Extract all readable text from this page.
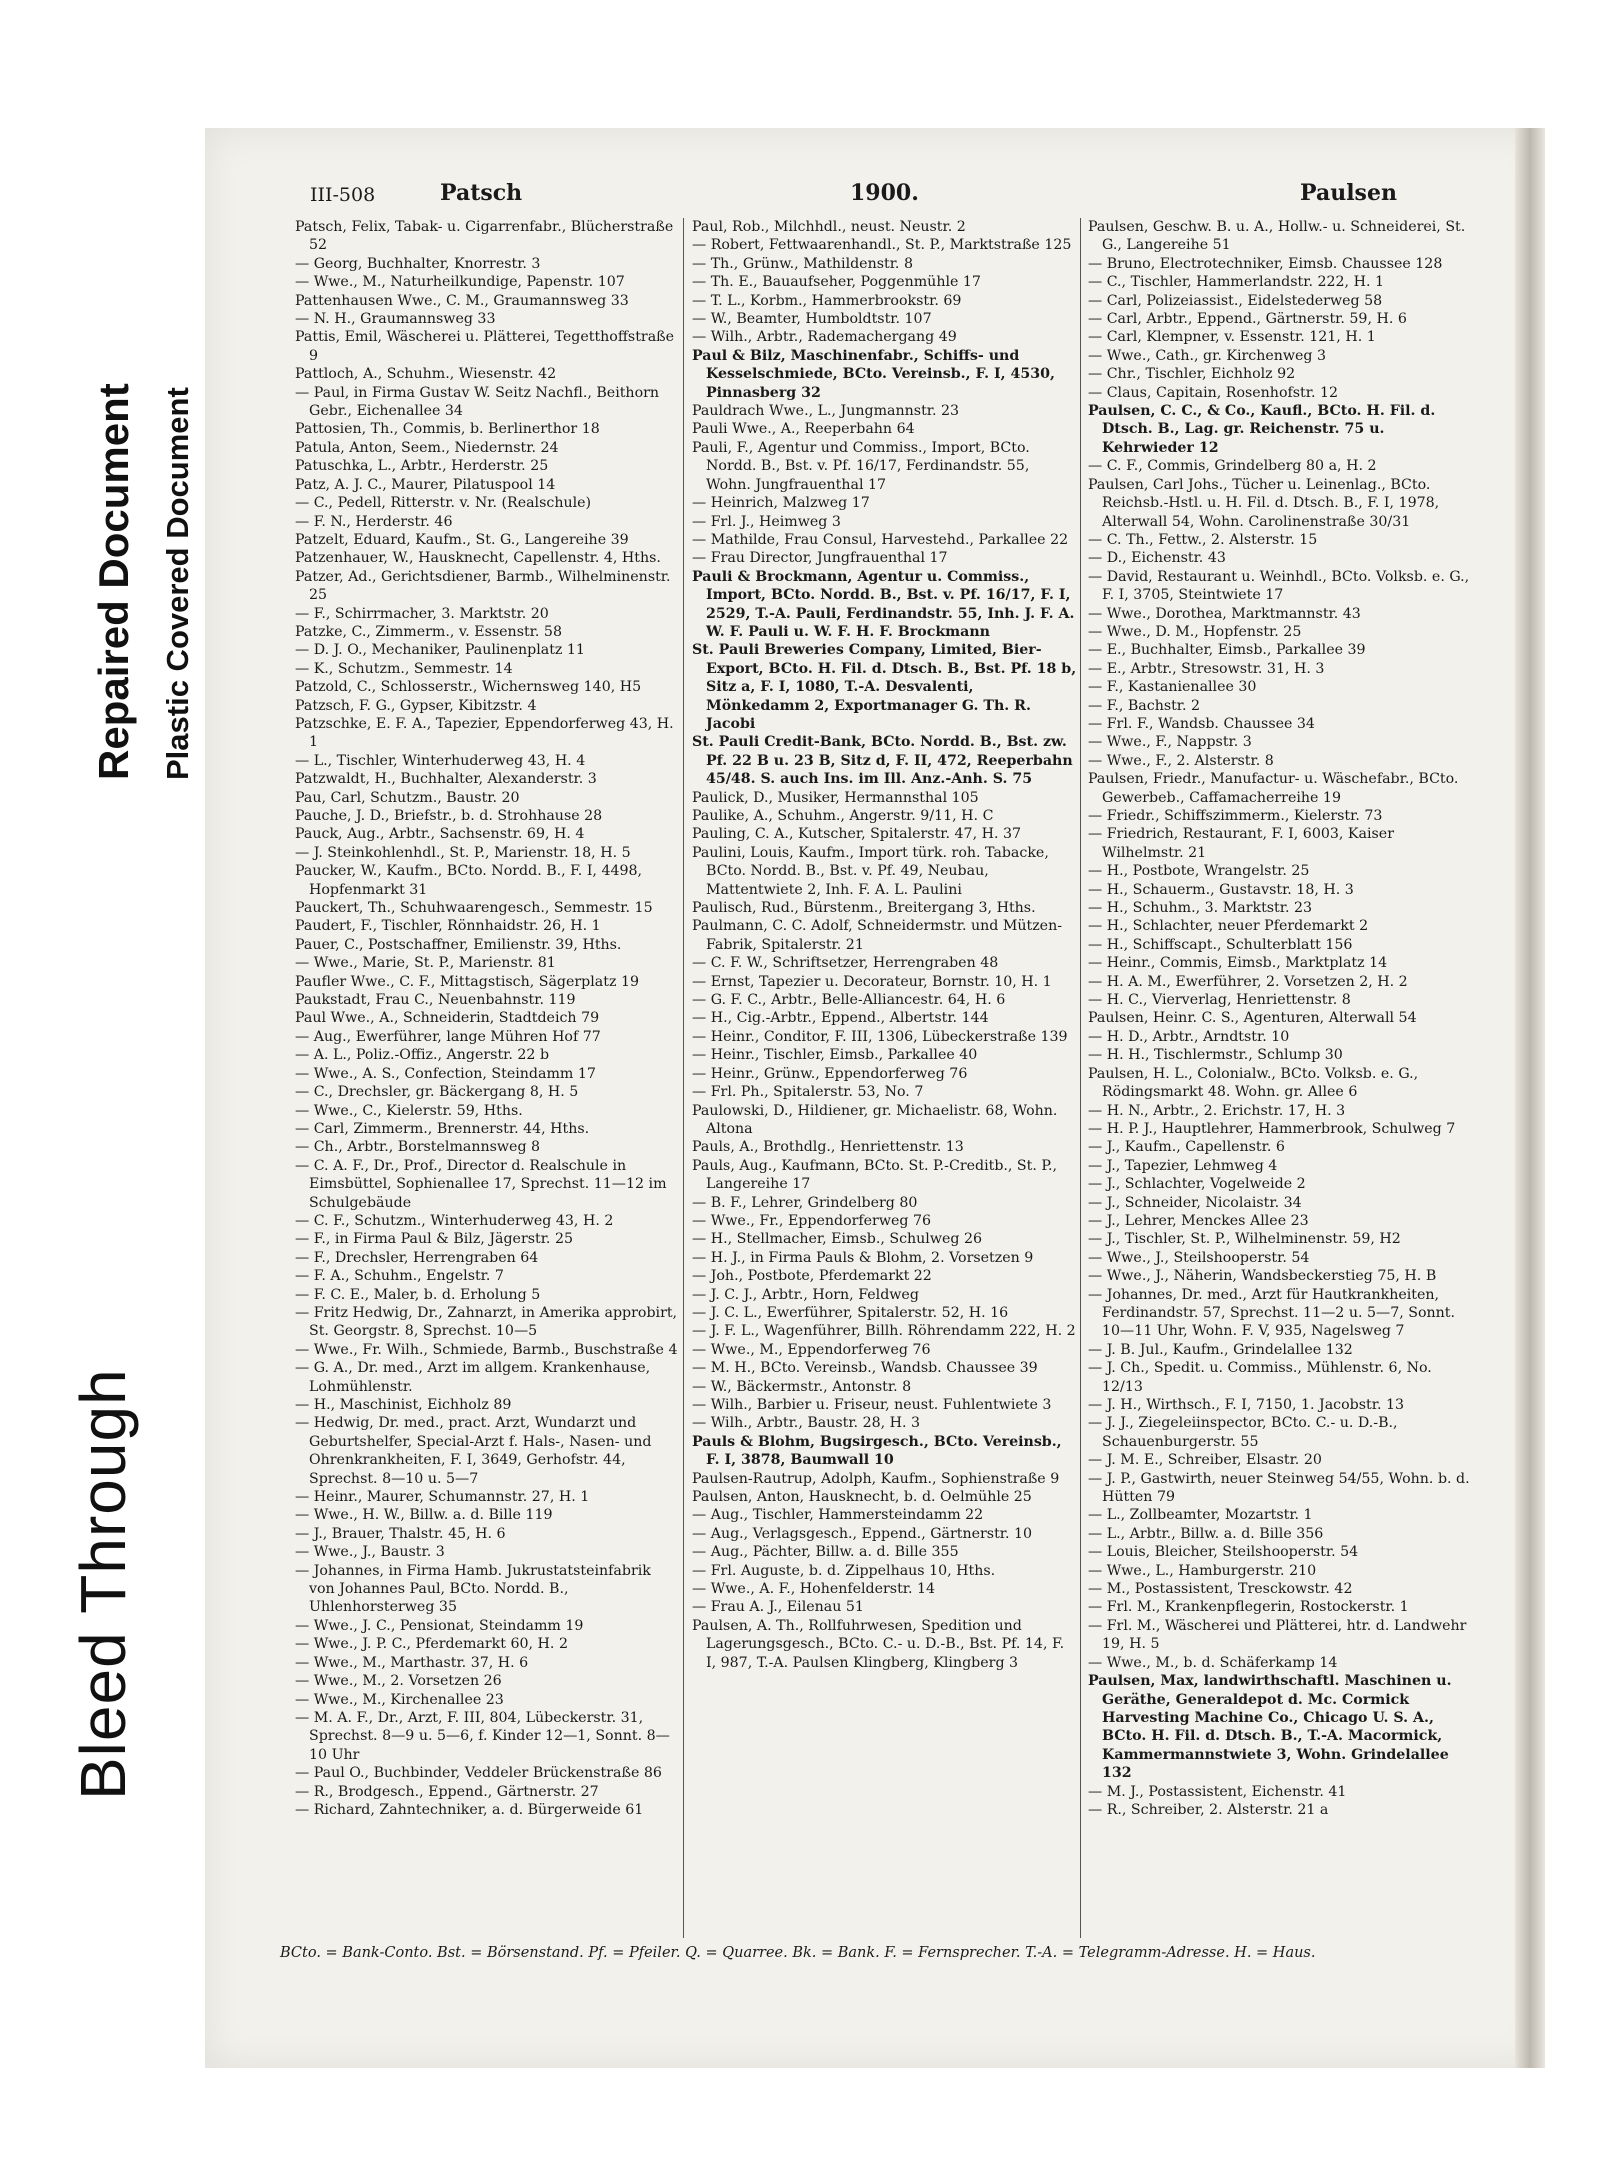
Bleed Through
Repaired Document Plastic Covered Document
III-508	Patsch	1900.	Paulsen

Patsch, Felix, Tabak- u. Cigarrenfabr., Blücherstraße 52

— Georg, Buchhalter, Knorrestr. 3

— Wwe., M., Naturheilkundige, Papenstr. 107

Pattenhausen Wwe., C. M., Graumannsweg 33

— N. H., Graumannsweg 33

Pattis, Emil, Wäscherei u. Plätterei, Tegetthoffstraße 9

Pattloch, A., Schuhm., Wiesenstr. 42

— Paul, in Firma Gustav W. Seitz Nachfl., Beithorn Gebr., Eichenallee 34

Pattosien, Th., Commis, b. Berlinerthor 18

Patula, Anton, Seem., Niedernstr. 24

Patuschka, L., Arbtr., Herderstr. 25

Patz, A. J. C., Maurer, Pilatuspool 14

— C., Pedell, Ritterstr. v. Nr. (Realschule)

— F. N., Herderstr. 46

Patzelt, Eduard, Kaufm., St. G., Langereihe 39

Patzenhauer, W., Hausknecht, Capellenstr. 4, Hths.

Patzer, Ad., Gerichtsdiener, Barmb., Wilhelminenstr. 25

— F., Schirrmacher, 3. Marktstr. 20

Patzke, C., Zimmerm., v. Essenstr. 58

— D. J. O., Mechaniker, Paulinenplatz 11

— K., Schutzm., Semmestr. 14

Patzold, C., Schlosserstr., Wichernsweg 140, H5

Patzsch, F. G., Gypser, Kibitzstr. 4

Patzschke, E. F. A., Tapezier, Eppendorferweg 43, H. 1

— L., Tischler, Winterhuderweg 43, H. 4

Patzwaldt, H., Buchhalter, Alexanderstr. 3

Pau, Carl, Schutzm., Baustr. 20

Pauche, J. D., Briefstr., b. d. Strohhause 28

Pauck, Aug., Arbtr., Sachsenstr. 69, H. 4

— J. Steinkohlenhdl., St. P., Marienstr. 18, H. 5

Paucker, W., Kaufm., BCto. Nordd. B., F. I, 4498, Hopfenmarkt 31

Pauckert, Th., Schuhwaarengesch., Semmestr. 15

Paudert, F., Tischler, Rönnhaidstr. 26, H. 1

Pauer, C., Postschaffner, Emilienstr. 39, Hths.

— Wwe., Marie, St. P., Marienstr. 81

Paufler Wwe., C. F., Mittagstisch, Sägerplatz 19

Paukstadt, Frau C., Neuenbahnstr. 119

Paul Wwe., A., Schneiderin, Stadtdeich 79

— Aug., Ewerführer, lange Mühren Hof 77

— A. L., Poliz.-Offiz., Angerstr. 22 b

— Wwe., A. S., Confection, Steindamm 17

— C., Drechsler, gr. Bäckergang 8, H. 5

— Wwe., C., Kielerstr. 59, Hths.

— Carl, Zimmerm., Brennerstr. 44, Hths.

— Ch., Arbtr., Borstelmannsweg 8

— C. A. F., Dr., Prof., Director d. Realschule in Eimsbüttel, Sophienallee 17, Sprechst. 11—12 im Schulgebäude

— C. F., Schutzm., Winterhuderweg 43, H. 2

— F., in Firma Paul & Bilz, Jägerstr. 25

— F., Drechsler, Herrengraben 64

— F. A., Schuhm., Engelstr. 7

— F. C. E., Maler, b. d. Erholung 5

— Fritz Hedwig, Dr., Zahnarzt, in Amerika approbirt, St. Georgstr. 8, Sprechst. 10—5

— Wwe., Fr. Wilh., Schmiede, Barmb., Buschstraße 4

— G. A., Dr. med., Arzt im allgem. Krankenhause, Lohmühlenstr.

— H., Maschinist, Eichholz 89

— Hedwig, Dr. med., pract. Arzt, Wundarzt und Geburtshelfer, Special-Arzt f. Hals-, Nasen- und Ohrenkrankheiten, F. I, 3649, Gerhofstr. 44, Sprechst. 8—10 u. 5—7

— Heinr., Maurer, Schumannstr. 27, H. 1

— Wwe., H. W., Billw. a. d. Bille 119

— J., Brauer, Thalstr. 45, H. 6

— Wwe., J., Baustr. 3

— Johannes, in Firma Hamb. Jukrustatsteinfabrik von Johannes Paul, BCto. Nordd. B., Uhlenhorsterweg 35

— Wwe., J. C., Pensionat, Steindamm 19

— Wwe., J. P. C., Pferdemarkt 60, H. 2

— Wwe., M., Marthastr. 37, H. 6

— Wwe., M., 2. Vorsetzen 26

— Wwe., M., Kirchenallee 23

— M. A. F., Dr., Arzt, F. III, 804, Lübeckerstr. 31, Sprechst. 8—9 u. 5—6, f. Kinder 12—1, Sonnt. 8—10 Uhr

— Paul O., Buchbinder, Veddeler Brückenstraße 86

— R., Brodgesch., Eppend., Gärtnerstr. 27

— Richard, Zahntechniker, a. d. Bürgerweide 61

Paul, Rob., Milchhdl., neust. Neustr. 2

— Robert, Fettwaarenhandl., St. P., Marktstraße 125

— Th., Grünw., Mathildenstr. 8

— Th. E., Bauaufseher, Poggenmühle 17

— T. L., Korbm., Hammerbrookstr. 69

— W., Beamter, Humboldtstr. 107

— Wilh., Arbtr., Rademachergang 49

Paul & Bilz, Maschinenfabr., Schiffs- und Kesselschmiede, BCto. Vereinsb., F. I, 4530, Pinnasberg 32

Pauldrach Wwe., L., Jungmannstr. 23

Pauli Wwe., A., Reeperbahn 64

Pauli, F., Agentur und Commiss., Import, BCto. Nordd. B., Bst. v. Pf. 16/17, Ferdinandstr. 55, Wohn. Jungfrauenthal 17

— Heinrich, Malzweg 17

— Frl. J., Heimweg 3

— Mathilde, Frau Consul, Harvestehd., Parkallee 22

— Frau Director, Jungfrauenthal 17

Pauli & Brockmann, Agentur u. Commiss., Import, BCto. Nordd. B., Bst. v. Pf. 16/17, F. I, 2529, T.-A. Pauli, Ferdinandstr. 55, Inh. J. F. A. W. F. Pauli u. W. F. H. F. Brockmann

St. Pauli Breweries Company, Limited, Bier-Export, BCto. H. Fil. d. Dtsch. B., Bst. Pf. 18 b, Sitz a, F. I, 1080, T.-A. Desvalenti, Mönkedamm 2, Exportmanager G. Th. R. Jacobi

St. Pauli Credit-Bank, BCto. Nordd. B., Bst. zw. Pf. 22 B u. 23 B, Sitz d, F. II, 472, Reeperbahn 45/48. S. auch Ins. im Ill. Anz.-Anh. S. 75

Paulick, D., Musiker, Hermannsthal 105

Paulike, A., Schuhm., Angerstr. 9/11, H. C

Pauling, C. A., Kutscher, Spitalerstr. 47, H. 37

Paulini, Louis, Kaufm., Import türk. roh. Tabacke, BCto. Nordd. B., Bst. v. Pf. 49, Neubau, Mattentwiete 2, Inh. F. A. L. Paulini

Paulisch, Rud., Bürstenm., Breitergang 3, Hths.

Paulmann, C. C. Adolf, Schneidermstr. und Mützen-Fabrik, Spitalerstr. 21

— C. F. W., Schriftsetzer, Herrengraben 48

— Ernst, Tapezier u. Decorateur, Bornstr. 10, H. 1

— G. F. C., Arbtr., Belle-Alliancestr. 64, H. 6

— H., Cig.-Arbtr., Eppend., Albertstr. 144

— Heinr., Conditor, F. III, 1306, Lübeckerstraße 139

— Heinr., Tischler, Eimsb., Parkallee 40

— Heinr., Grünw., Eppendorferweg 76

— Frl. Ph., Spitalerstr. 53, No. 7

Paulowski, D., Hildiener, gr. Michaelistr. 68, Wohn. Altona

Pauls, A., Brothdlg., Henriettenstr. 13

Pauls, Aug., Kaufmann, BCto. St. P.-Creditb., St. P., Langereihe 17

— B. F., Lehrer, Grindelberg 80

— Wwe., Fr., Eppendorferweg 76

— H., Stellmacher, Eimsb., Schulweg 26

— H. J., in Firma Pauls & Blohm, 2. Vorsetzen 9

— Joh., Postbote, Pferdemarkt 22

— J. C. J., Arbtr., Horn, Feldweg

— J. C. L., Ewerführer, Spitalerstr. 52, H. 16

— J. F. L., Wagenführer, Billh. Röhrendamm 222, H. 2

— Wwe., M., Eppendorferweg 76

— M. H., BCto. Vereinsb., Wandsb. Chaussee 39

— W., Bäckermstr., Antonstr. 8

— Wilh., Barbier u. Friseur, neust. Fuhlentwiete 3

— Wilh., Arbtr., Baustr. 28, H. 3

Pauls & Blohm, Bugsirgesch., BCto. Vereinsb., F. I, 3878, Baumwall 10

Paulsen-Rautrup, Adolph, Kaufm., Sophienstraße 9

Paulsen, Anton, Hausknecht, b. d. Oelmühle 25

— Aug., Tischler, Hammersteindamm 22

— Aug., Verlagsgesch., Eppend., Gärtnerstr. 10

— Aug., Pächter, Billw. a. d. Bille 355

— Frl. Auguste, b. d. Zippelhaus 10, Hths.

— Wwe., A. F., Hohenfelderstr. 14

— Frau A. J., Eilenau 51

Paulsen, A. Th., Rollfuhrwesen, Spedition und Lagerungsgesch., BCto. C.- u. D.-B., Bst. Pf. 14, F. I, 987, T.-A. Paulsen Klingberg, Klingberg 3

Paulsen, Geschw. B. u. A., Hollw.- u. Schneiderei, St. G., Langereihe 51

— Bruno, Electrotechniker, Eimsb. Chaussee 128

— C., Tischler, Hammerlandstr. 222, H. 1

— Carl, Polizeiassist., Eidelstederweg 58

— Carl, Arbtr., Eppend., Gärtnerstr. 59, H. 6

— Carl, Klempner, v. Essenstr. 121, H. 1

— Wwe., Cath., gr. Kirchenweg 3

— Chr., Tischler, Eichholz 92

— Claus, Capitain, Rosenhofstr. 12

Paulsen, C. C., & Co., Kaufl., BCto. H. Fil. d. Dtsch. B., Lag. gr. Reichenstr. 75 u. Kehrwieder 12

— C. F., Commis, Grindelberg 80 a, H. 2

Paulsen, Carl Johs., Tücher u. Leinenlag., BCto. Reichsb.-Hstl. u. H. Fil. d. Dtsch. B., F. I, 1978, Alterwall 54, Wohn. Carolinenstraße 30/31

— C. Th., Fettw., 2. Alsterstr. 15

— D., Eichenstr. 43

— David, Restaurant u. Weinhdl., BCto. Volksb. e. G., F. I, 3705, Steintwiete 17

— Wwe., Dorothea, Marktmannstr. 43

— Wwe., D. M., Hopfenstr. 25

— E., Buchhalter, Eimsb., Parkallee 39

— E., Arbtr., Stresowstr. 31, H. 3

— F., Kastanienallee 30

— F., Bachstr. 2

— Frl. F., Wandsb. Chaussee 34

— Wwe., F., Nappstr. 3

— Wwe., F., 2. Alsterstr. 8

Paulsen, Friedr., Manufactur- u. Wäschefabr., BCto. Gewerbeb., Caffamacherreihe 19

— Friedr., Schiffszimmerm., Kielerstr. 73

— Friedrich, Restaurant, F. I, 6003, Kaiser Wilhelmstr. 21

— H., Postbote, Wrangelstr. 25

— H., Schauerm., Gustavstr. 18, H. 3

— H., Schuhm., 3. Marktstr. 23

— H., Schlachter, neuer Pferdemarkt 2

— H., Schiffscapt., Schulterblatt 156

— Heinr., Commis, Eimsb., Marktplatz 14

— H. A. M., Ewerführer, 2. Vorsetzen 2, H. 2

— H. C., Vierverlag, Henriettenstr. 8

Paulsen, Heinr. C. S., Agenturen, Alterwall 54

— H. D., Arbtr., Arndtstr. 10

— H. H., Tischlermstr., Schlump 30

Paulsen, H. L., Colonialw., BCto. Volksb. e. G., Rödingsmarkt 48. Wohn. gr. Allee 6

— H. N., Arbtr., 2. Erichstr. 17, H. 3

— H. P. J., Hauptlehrer, Hammerbrook, Schulweg 7

— J., Kaufm., Capellenstr. 6

— J., Tapezier, Lehmweg 4

— J., Schlachter, Vogelweide 2

— J., Schneider, Nicolaistr. 34

— J., Lehrer, Menckes Allee 23

— J., Tischler, St. P., Wilhelminenstr. 59, H2

— Wwe., J., Steilshooperstr. 54

— Wwe., J., Näherin, Wandsbeckerstieg 75, H. B

— Johannes, Dr. med., Arzt für Hautkrankheiten, Ferdinandstr. 57, Sprechst. 11—2 u. 5—7, Sonnt. 10—11 Uhr, Wohn. F. V, 935, Nagelsweg 7

— J. B. Jul., Kaufm., Grindelallee 132

— J. Ch., Spedit. u. Commiss., Mühlenstr. 6, No. 12/13

— J. H., Wirthsch., F. I, 7150, 1. Jacobstr. 13

— J. J., Ziegeleiinspector, BCto. C.- u. D.-B., Schauenburgerstr. 55

— J. M. E., Schreiber, Elsastr. 20

— J. P., Gastwirth, neuer Steinweg 54/55, Wohn. b. d. Hütten 79

— L., Zollbeamter, Mozartstr. 1

— L., Arbtr., Billw. a. d. Bille 356

— Louis, Bleicher, Steilshooperstr. 54

— Wwe., L., Hamburgerstr. 210

— M., Postassistent, Tresckowstr. 42

— Frl. M., Krankenpflegerin, Rostockerstr. 1

— Frl. M., Wäscherei und Plätterei, htr. d. Landwehr 19, H. 5

— Wwe., M., b. d. Schäferkamp 14

Paulsen, Max, landwirthschaftl. Maschinen u. Geräthe, Generaldepot d. Mc. Cormick Harvesting Machine Co., Chicago U. S. A., BCto. H. Fil. d. Dtsch. B., T.-A. Macormick, Kammermannstwiete 3, Wohn. Grindelallee 132

— M. J., Postassistent, Eichenstr. 41

— R., Schreiber, 2. Alsterstr. 21 a

BCto. = Bank-Conto. Bst. = Börsenstand. Pf. = Pfeiler. Q. = Quarree. Bk. = Bank. F. = Fernsprecher. T.-A. = Telegramm-Adresse. H. = Haus.
